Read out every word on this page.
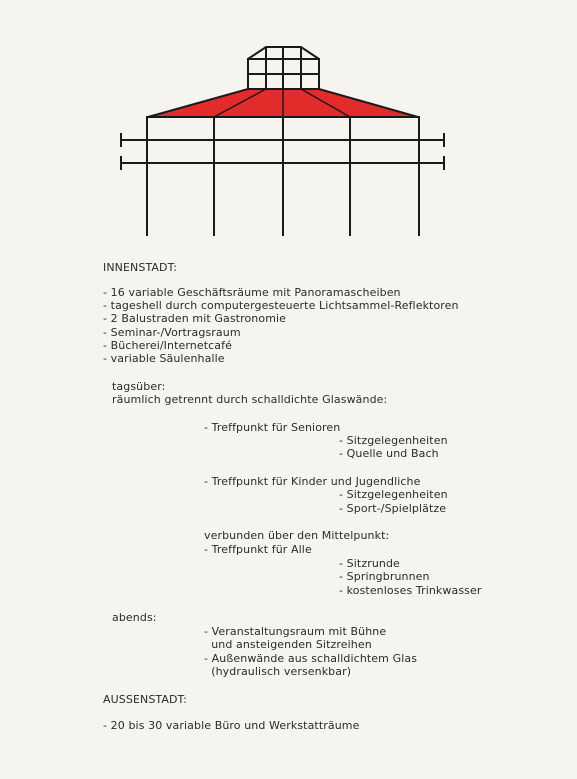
INNENSTADT:
- 16 variable Geschäftsräume mit Panoramascheiben
- tageshell durch computergesteuerte Lichtsammel-Reflektoren
- 2 Balustraden mit Gastronomie
- Seminar-/Vortragsraum
- Bücherei/Internetcafé
- variable Säulenhalle
tagsüber:
räumlich getrennt durch schalldichte Glaswände:
- Treffpunkt für Senioren
- Sitzgelegenheiten
- Quelle und Bach
- Treffpunkt für Kinder und Jugendliche
- Sitzgelegenheiten
- Sport-/Spielplätze
verbunden über den Mittelpunkt:
- Treffpunkt für Alle
- Sitzrunde
- Springbrunnen
- kostenloses Trinkwasser
abends:
- Veranstaltungsraum mit Bühne
und ansteigenden Sitzreihen
- Außenwände aus schalldichtem Glas
(hydraulisch versenkbar)
AUSSENSTADT:
- 20 bis 30 variable Büro und Werkstatträume
